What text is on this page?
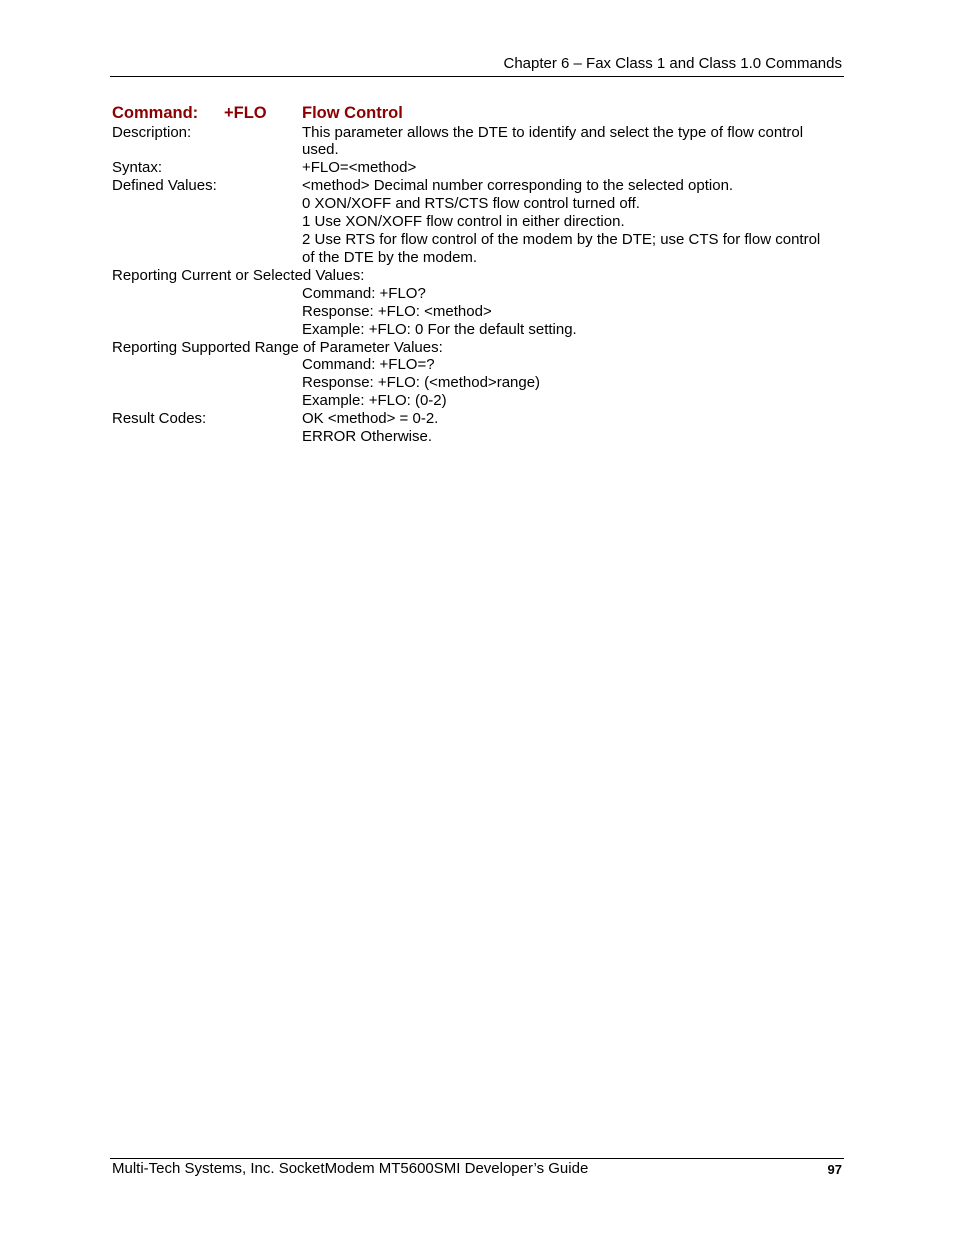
Chapter 6 – Fax Class 1 and Class 1.0 Commands
Command: +FLO Flow Control
Description:	This parameter allows the DTE to identify and select the type of flow control
used.
Syntax:	+FLO=<method>
Defined Values:	<method> Decimal number corresponding to the selected option.
0 XON/XOFF and RTS/CTS flow control turned off.
1 Use XON/XOFF flow control in either direction.
2 Use RTS for flow control of the modem by the DTE; use CTS for flow control
of the DTE by the modem.
Reporting Current or Selected Values:
Command: +FLO?
Response: +FLO: <method>
Example: +FLO: 0 For the default setting.
Reporting Supported Range of Parameter Values:
Command: +FLO=?
Response: +FLO: (<method>range)
Example: +FLO: (0-2)
Result Codes:	OK <method> = 0-2.
ERROR Otherwise.
Multi-Tech Systems, Inc. SocketModem MT5600SMI Developer’s Guide	97
